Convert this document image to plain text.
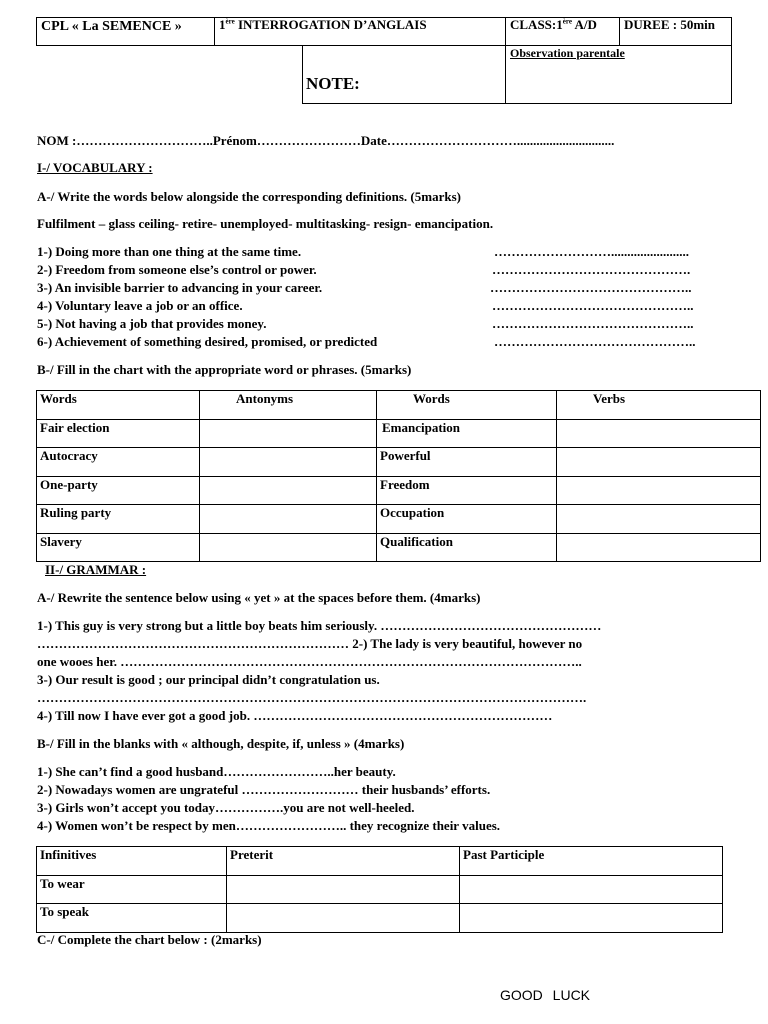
CPL « La SEMENCE »	1ère INTERROGATION D’ANGLAIS	CLASS:1ère A/D DUREE : 50min
NOTE:
Observation parentale
NOM :…………………………..Prénom……………………Date…………………………..............................
I-/ VOCABULARY :
A-/ Write the words below alongside the corresponding definitions. (5marks)
Fulfilment – glass ceiling- retire- unemployed- multitasking- resign- emancipation.
1-) Doing more than one thing at the same time.	………………………........................
2-) Freedom from someone else’s control or power.	……………………………………….
3-) An invisible barrier to advancing in your career.	………………………………………..
4-) Voluntary leave a job or an office.	………………………………………..
5-) Not having a job that provides money.	………………………………………..
6-) Achievement of something desired, promised, or predicted	………………………………………..
B-/ Fill in the chart with the appropriate word or phrases. (5marks)
Words	Antonyms	Words	Verbs
Fair election		Emancipation	
Autocracy		Powerful	
One-party		Freedom	
Ruling party		Occupation	
Slavery		Qualification	
II-/ GRAMMAR :
A-/ Rewrite the sentence below using « yet » at the spaces before them. (4marks)
1-) This guy is very strong but a little boy beats him seriously. ……………………………………………
……………………………………………………………… 2-) The lady is very beautiful, however no
one wooes her. ……………………………………………………………………………………………..
3-) Our result is good ; our principal didn’t congratulation us.
……………………………………………………………………………………………………………….
4-) Till now I have ever got a good job. ……………………………………………………………
B-/ Fill in the blanks with « although, despite, if, unless » (4marks)
1-) She can’t find a good husband……………………..her beauty.
2-) Nowadays women are ungrateful ……………………… their husbands’ efforts.
3-) Girls won’t accept you today…………….you are not well-heeled.
4-) Women won’t be respect by men…………………….. they recognize their values.
Infinitives	Preterit	Past Participle
To wear		
To speak		
C-/ Complete the chart below : (2marks)
GOOD LUCK
